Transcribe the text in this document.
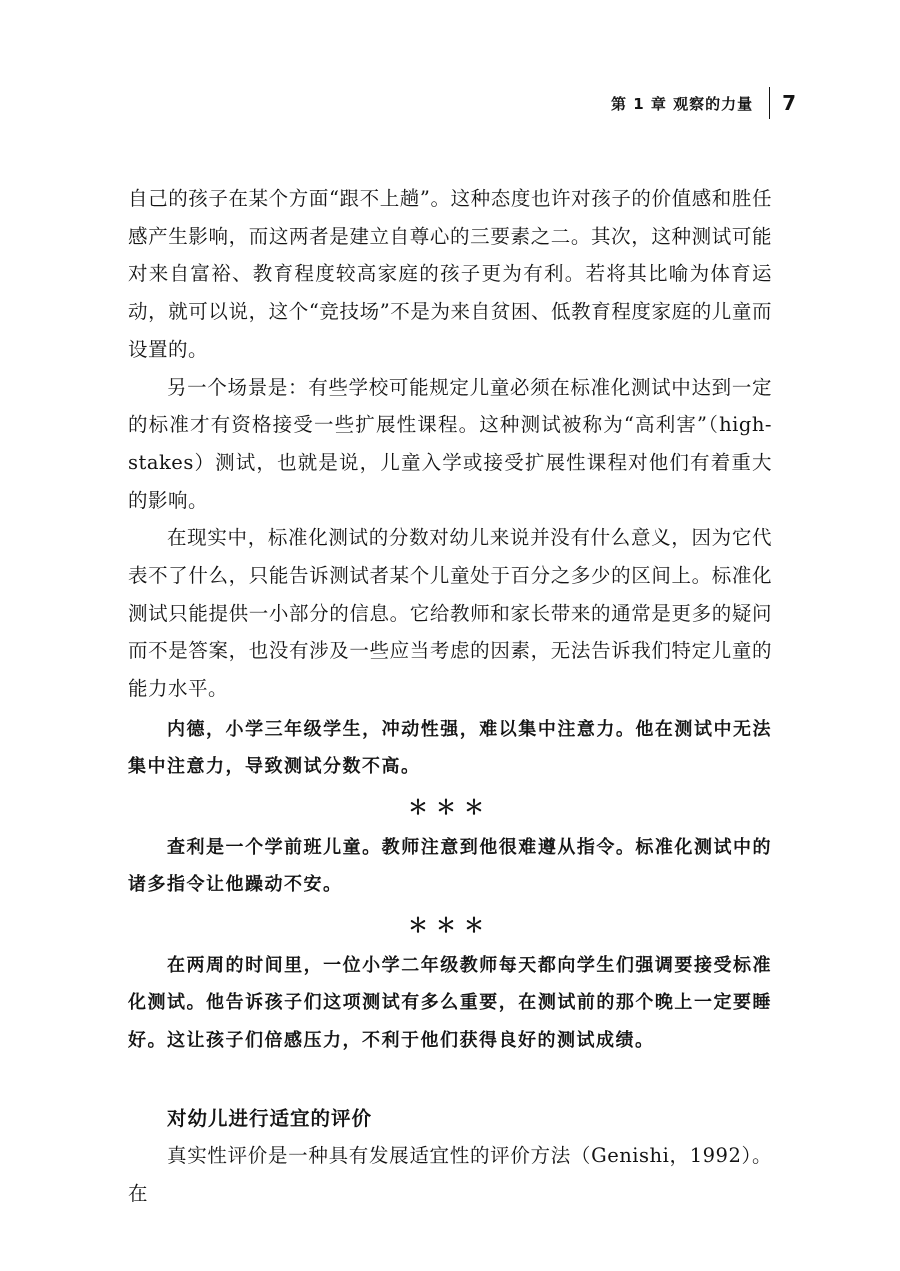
第 1 章 观察的力量 7

自己的孩子在某个方面“跟不上趟”。这种态度也许对孩子的价值感和胜任感产生影响，而这两者是建立自尊心的三要素之二。其次，这种测试可能对来自富裕、教育程度较高家庭的孩子更为有利。若将其比喻为体育运动，就可以说，这个“竞技场”不是为来自贫困、低教育程度家庭的儿童而设置的。

另一个场景是：有些学校可能规定儿童必须在标准化测试中达到一定的标准才有资格接受一些扩展性课程。这种测试被称为“高利害”（high-stakes）测试，也就是说，儿童入学或接受扩展性课程对他们有着重大的影响。

在现实中，标准化测试的分数对幼儿来说并没有什么意义，因为它代表不了什么，只能告诉测试者某个儿童处于百分之多少的区间上。标准化测试只能提供一小部分的信息。它给教师和家长带来的通常是更多的疑问而不是答案，也没有涉及一些应当考虑的因素，无法告诉我们特定儿童的能力水平。

内德，小学三年级学生，冲动性强，难以集中注意力。他在测试中无法集中注意力，导致测试分数不高。

＊＊＊

查利是一个学前班儿童。教师注意到他很难遵从指令。标准化测试中的诸多指令让他躁动不安。

＊＊＊

在两周的时间里，一位小学二年级教师每天都向学生们强调要接受标准化测试。他告诉孩子们这项测试有多么重要，在测试前的那个晚上一定要睡好。这让孩子们倍感压力，不利于他们获得良好的测试成绩。

对幼儿进行适宜的评价

真实性评价是一种具有发展适宜性的评价方法（Genishi，1992）。在
